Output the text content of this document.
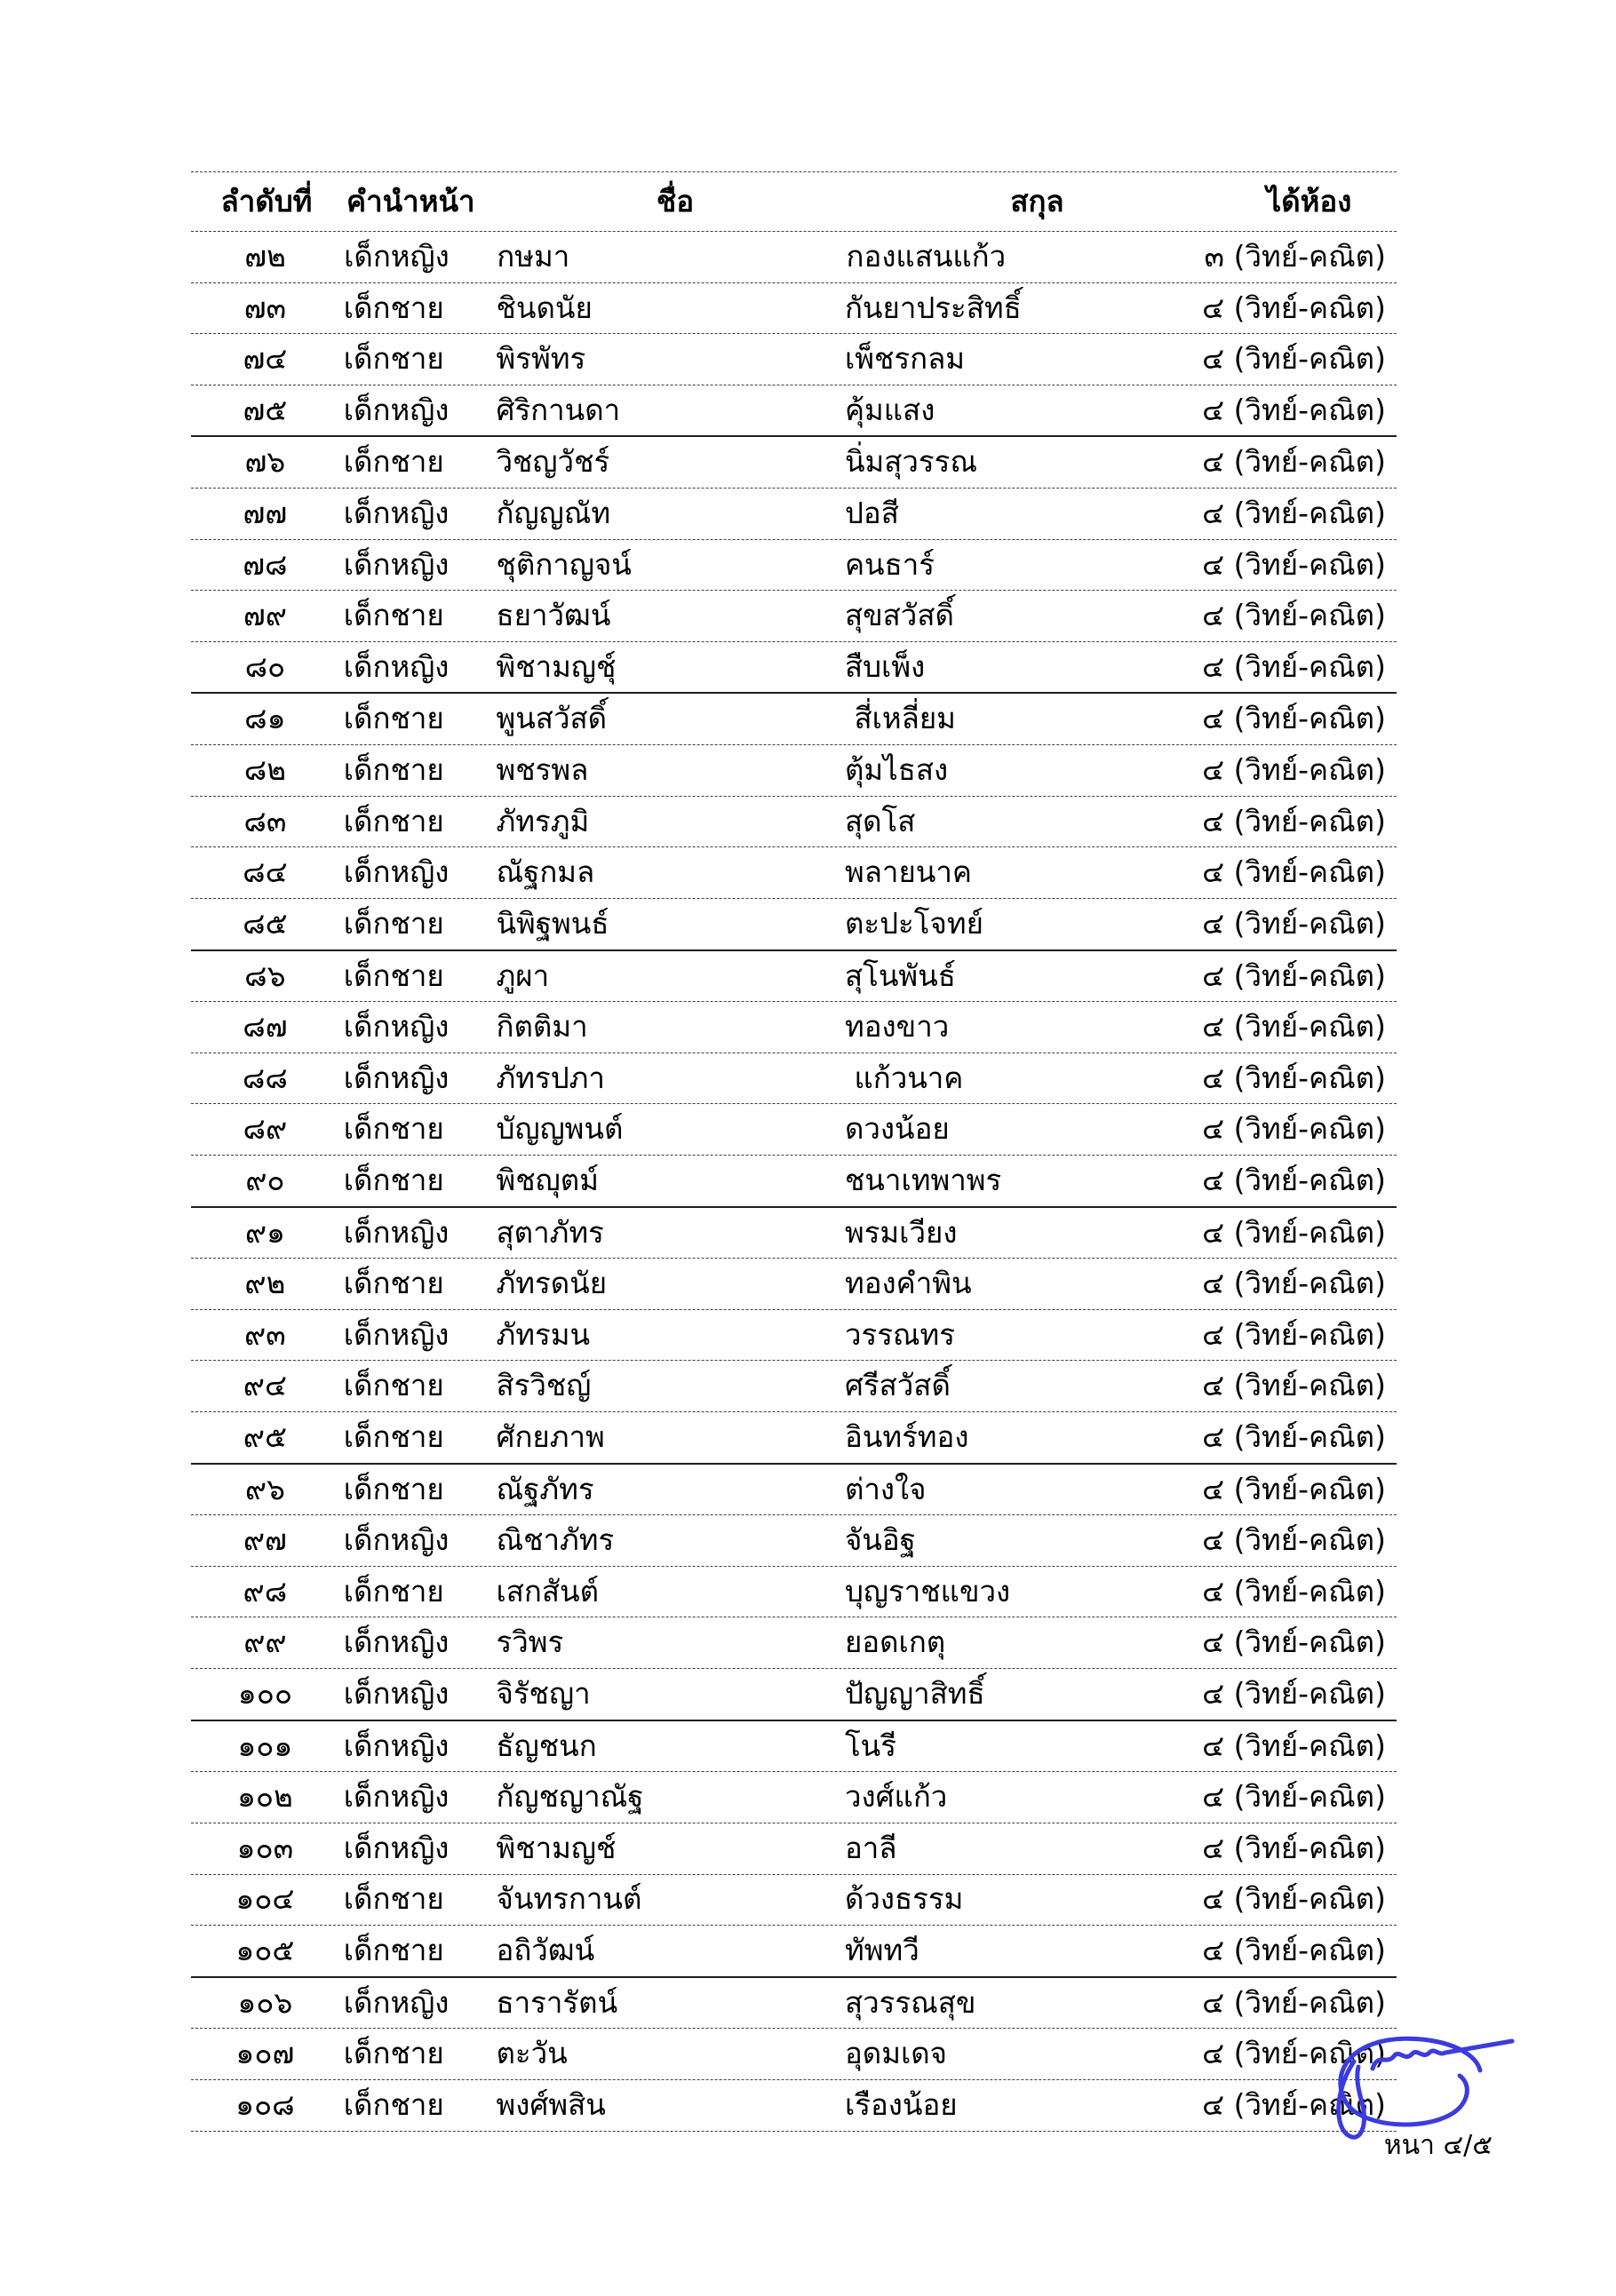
ลำดับที่	คำนำหน้า	ชื่อ	สกุล	ได้ห้อง
๗๒	เด็กหญิง	กษมา	กองแสนแก้ว	๓ (วิทย์-คณิต)
๗๓	เด็กชาย	ชินดนัย	กันยาประสิทธิ์	๔ (วิทย์-คณิต)
๗๔	เด็กชาย	พิรพัทร	เพ็ชรกลม	๔ (วิทย์-คณิต)
๗๕	เด็กหญิง	ศิริกานดา	คุ้มแสง	๔ (วิทย์-คณิต)
๗๖	เด็กชาย	วิชญวัชร์	นิ่มสุวรรณ	๔ (วิทย์-คณิต)
๗๗	เด็กหญิง	กัญญณัท	ปอสี	๔ (วิทย์-คณิต)
๗๘	เด็กหญิง	ชุติกาญจน์	คนธาร์	๔ (วิทย์-คณิต)
๗๙	เด็กชาย	ธยาวัฒน์	สุขสวัสดิ์	๔ (วิทย์-คณิต)
๘๐	เด็กหญิง	พิชามญชุ์	สืบเพ็ง	๔ (วิทย์-คณิต)
๘๑	เด็กชาย	พูนสวัสดิ์	สี่เหลี่ยม	๔ (วิทย์-คณิต)
๘๒	เด็กชาย	พชรพล	ตุ้มไธสง	๔ (วิทย์-คณิต)
๘๓	เด็กชาย	ภัทรภูมิ	สุดโส	๔ (วิทย์-คณิต)
๘๔	เด็กหญิง	ณัฐกมล	พลายนาค	๔ (วิทย์-คณิต)
๘๕	เด็กชาย	นิพิฐพนธ์	ตะปะโจทย์	๔ (วิทย์-คณิต)
๘๖	เด็กชาย	ภูผา	สุโนพันธ์	๔ (วิทย์-คณิต)
๘๗	เด็กหญิง	กิตติมา	ทองขาว	๔ (วิทย์-คณิต)
๘๘	เด็กหญิง	ภัทรปภา	แก้วนาค	๔ (วิทย์-คณิต)
๘๙	เด็กชาย	บัญญพนต์	ดวงน้อย	๔ (วิทย์-คณิต)
๙๐	เด็กชาย	พิชญุตม์	ชนาเทพาพร	๔ (วิทย์-คณิต)
๙๑	เด็กหญิง	สุตาภัทร	พรมเวียง	๔ (วิทย์-คณิต)
๙๒	เด็กชาย	ภัทรดนัย	ทองคำพิน	๔ (วิทย์-คณิต)
๙๓	เด็กหญิง	ภัทรมน	วรรณทร	๔ (วิทย์-คณิต)
๙๔	เด็กชาย	สิรวิชญ์	ศรีสวัสดิ์	๔ (วิทย์-คณิต)
๙๕	เด็กชาย	ศักยภาพ	อินทร์ทอง	๔ (วิทย์-คณิต)
๙๖	เด็กชาย	ณัฐภัทร	ต่างใจ	๔ (วิทย์-คณิต)
๙๗	เด็กหญิง	ณิชาภัทร	จันอิฐ	๔ (วิทย์-คณิต)
๙๘	เด็กชาย	เสกสันต์	บุญราชแขวง	๔ (วิทย์-คณิต)
๙๙	เด็กหญิง	รวิพร	ยอดเกตุ	๔ (วิทย์-คณิต)
๑๐๐	เด็กหญิง	จิรัชญา	ปัญญาสิทธิ์	๔ (วิทย์-คณิต)
๑๐๑	เด็กหญิง	ธัญชนก	โนรี	๔ (วิทย์-คณิต)
๑๐๒	เด็กหญิง	กัญชญาณัฐ	วงศ์แก้ว	๔ (วิทย์-คณิต)
๑๐๓	เด็กหญิง	พิชามญช์	อาลี	๔ (วิทย์-คณิต)
๑๐๔	เด็กชาย	จันทรกานต์	ด้วงธรรม	๔ (วิทย์-คณิต)
๑๐๕	เด็กชาย	อถิวัฒน์	ทัพทวี	๔ (วิทย์-คณิต)
๑๐๖	เด็กหญิง	ธารารัตน์	สุวรรณสุข	๔ (วิทย์-คณิต)
๑๐๗	เด็กชาย	ตะวัน	อุดมเดจ	๔ (วิทย์-คณิต)
๑๐๘	เด็กชาย	พงศ์พสิน	เรืองน้อย	๔ (วิทย์-คณิต)
หนา ๔/๕
